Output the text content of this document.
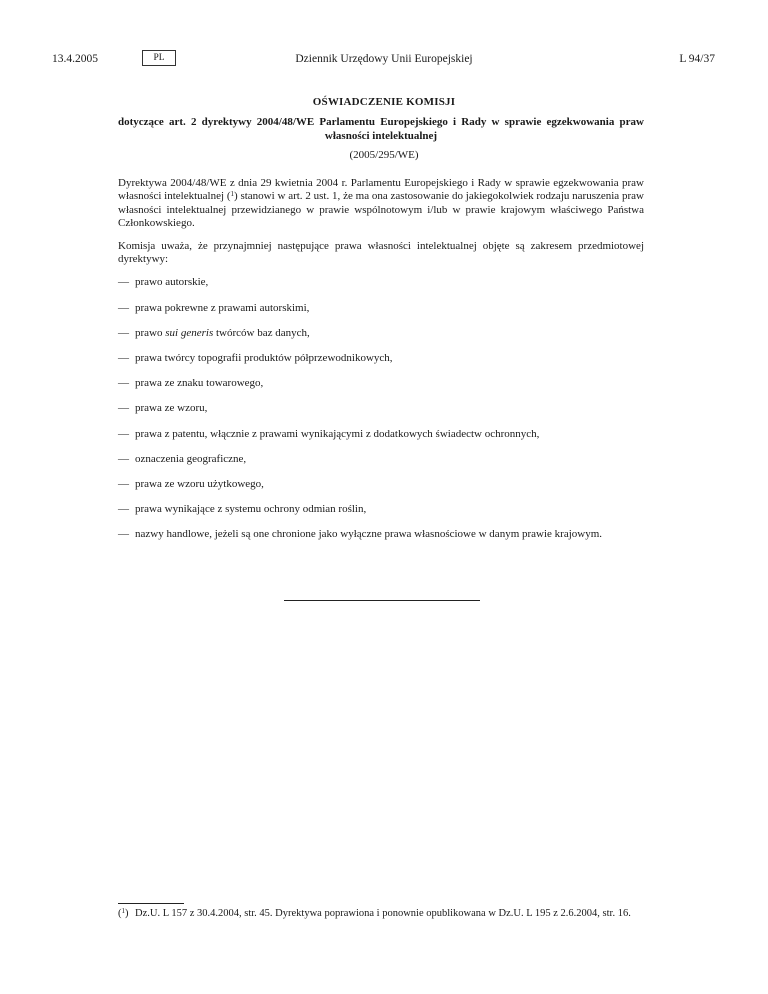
13.4.2005	PL	Dziennik Urzędowy Unii Europejskiej	L 94/37
OŚWIADCZENIE KOMISJI
dotyczące art. 2 dyrektywy 2004/48/WE Parlamentu Europejskiego i Rady w sprawie egzekwowania praw własności intelektualnej
(2005/295/WE)
Dyrektywa 2004/48/WE z dnia 29 kwietnia 2004 r. Parlamentu Europejskiego i Rady w sprawie egzekwowania praw własności intelektualnej ($^1$) stanowi w art. 2 ust. 1, że ma ona zastosowanie do jakiegokolwiek rodzaju naruszenia praw własności intelektualnej przewidzianego w prawie wspólnotowym i/lub w prawie krajowym właściwego Państwa Członkowskiego.
Komisja uważa, że przynajmniej następujące prawa własności intelektualnej objęte są zakresem przedmiotowej dyrektywy:
— prawo autorskie,
— prawa pokrewne z prawami autorskimi,
— prawo sui generis twórców baz danych,
— prawa twórcy topografii produktów półprzewodnikowych,
— prawa ze znaku towarowego,
— prawa ze wzoru,
— prawa z patentu, włącznie z prawami wynikającymi z dodatkowych świadectw ochronnych,
— oznaczenia geograficzne,
— prawa ze wzoru użytkowego,
— prawa wynikające z systemu ochrony odmian roślin,
— nazwy handlowe, jeżeli są one chronione jako wyłączne prawa własnościowe w danym prawie krajowym.
($^1$) Dz.U. L 157 z 30.4.2004, str. 45. Dyrektywa poprawiona i ponownie opublikowana w Dz.U. L 195 z 2.6.2004, str. 16.
